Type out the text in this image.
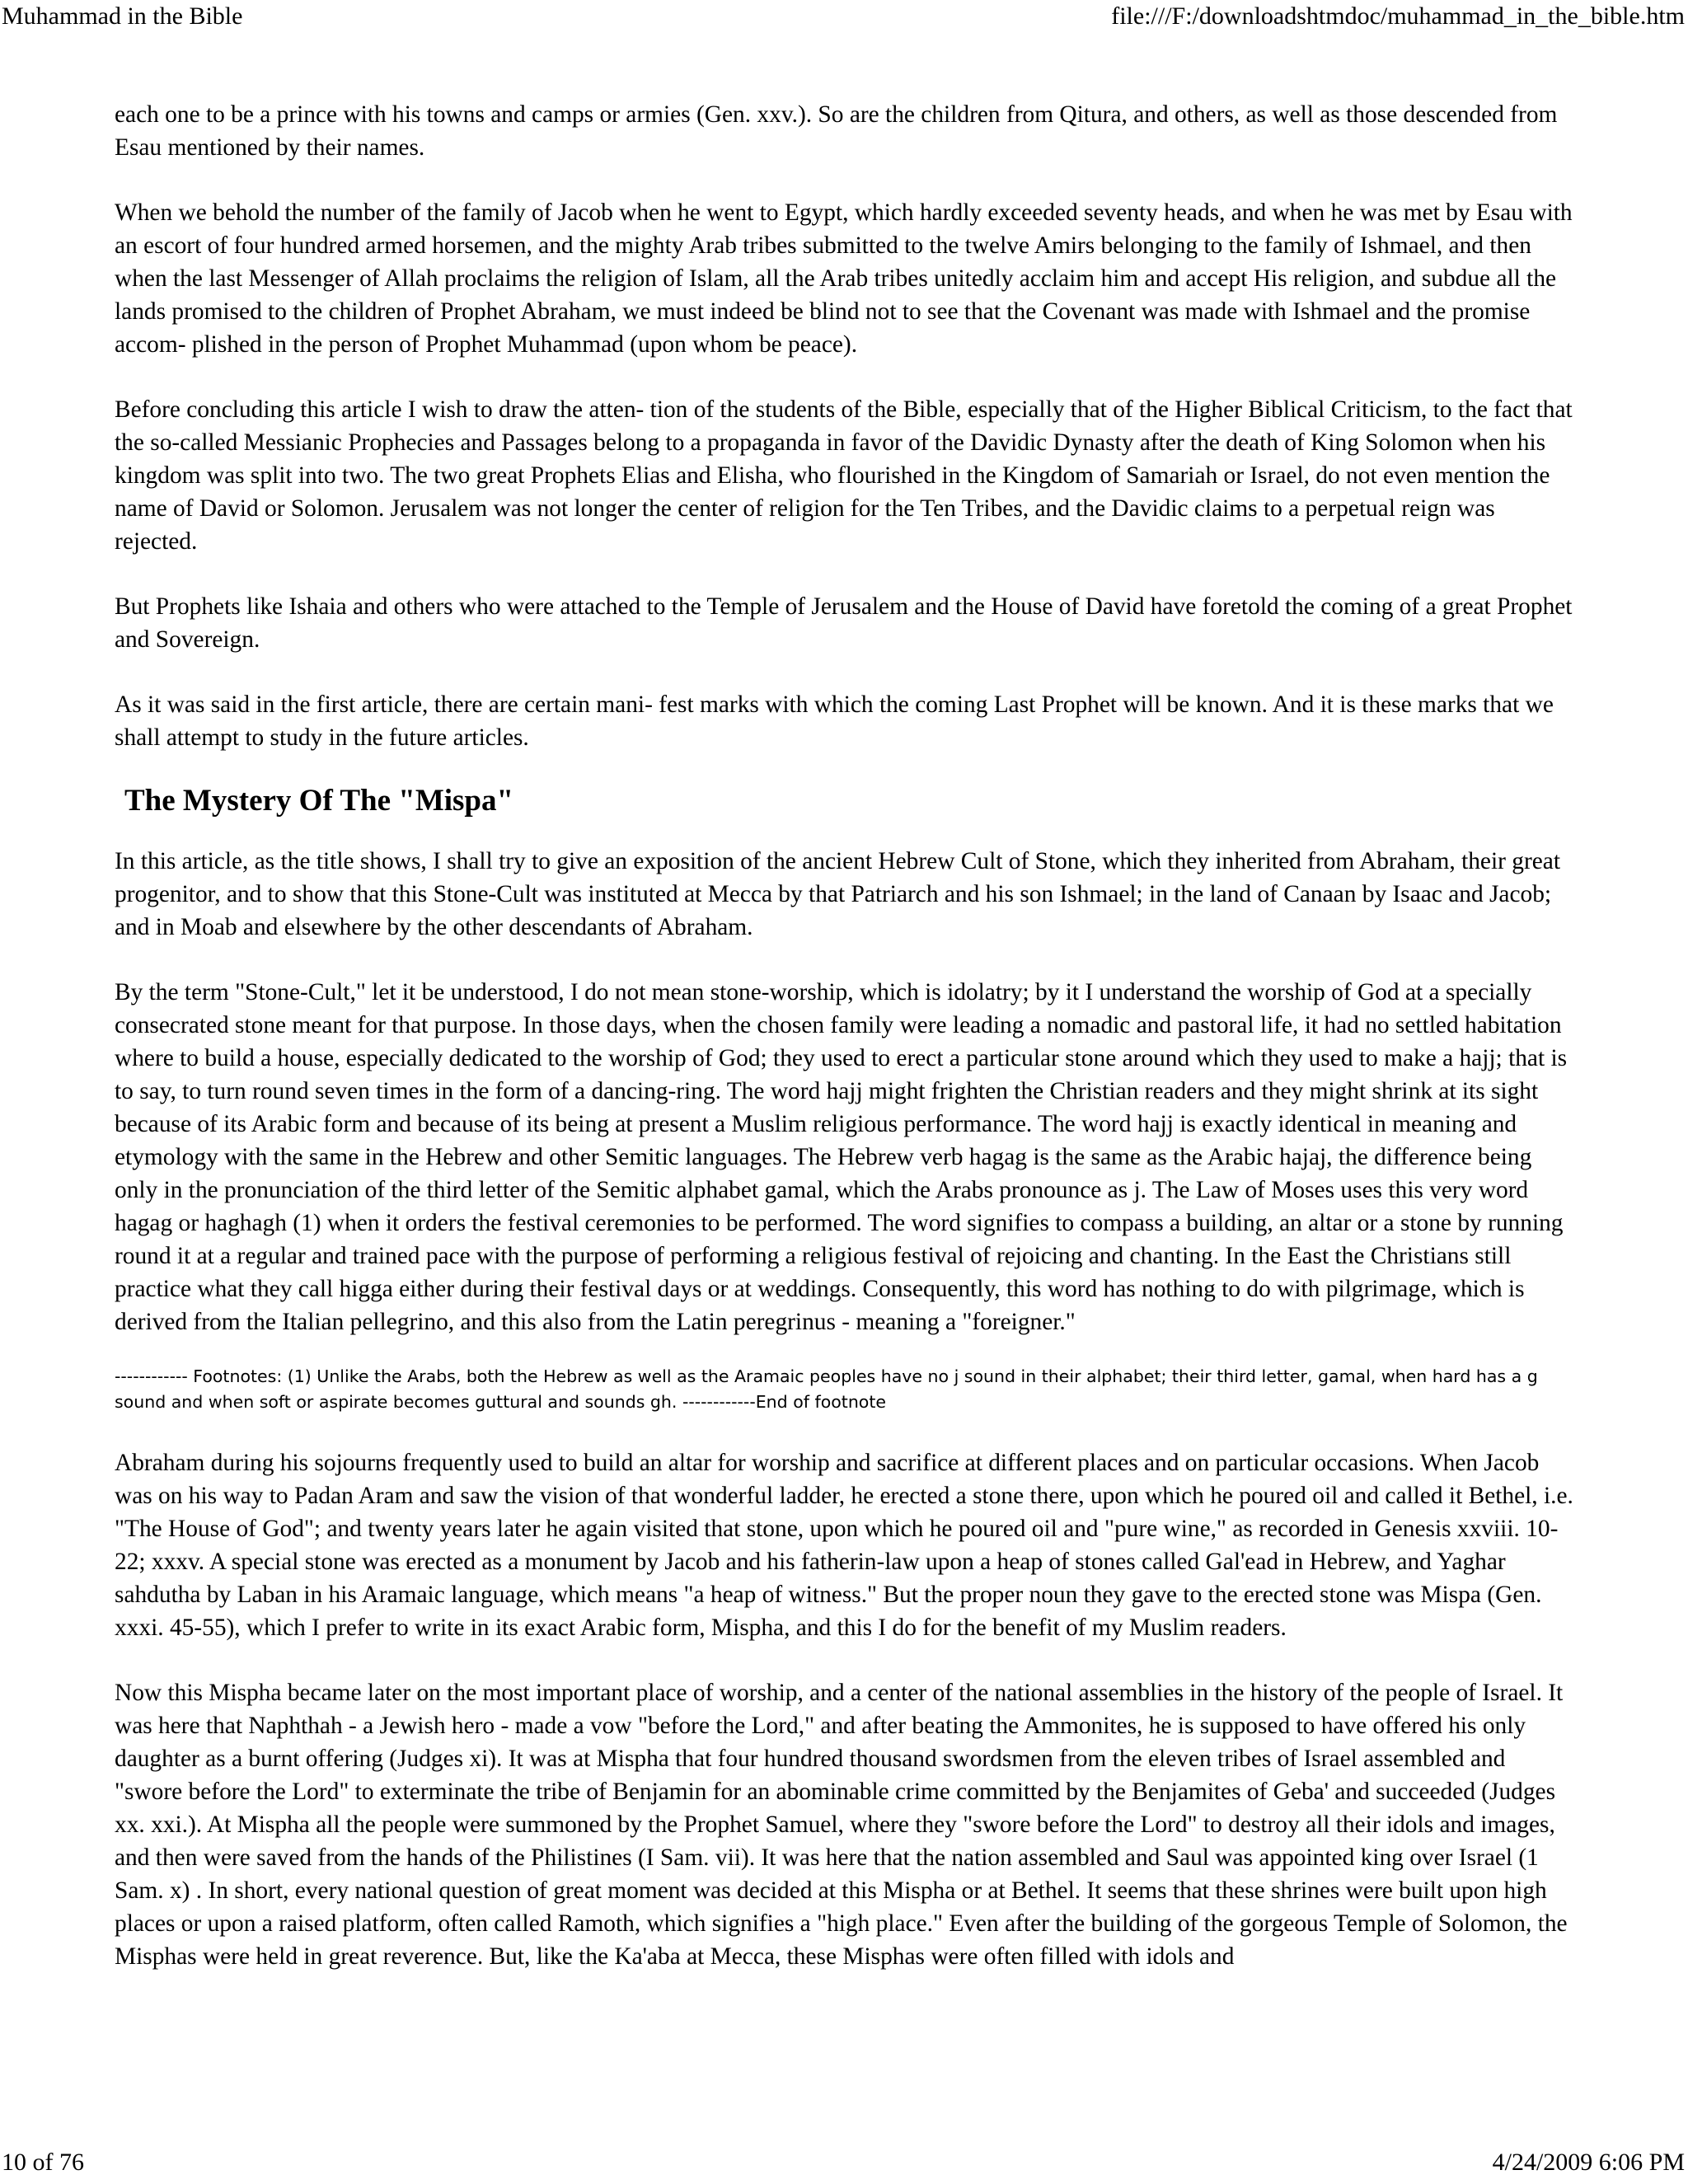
Muhammad in the Bible	file:///F:/downloadshtmdoc/muhammad_in_the_bible.htm

each one to be a prince with his towns and camps or armies (Gen. xxv.). So are the children from Qitura, and others, as well as those descended from Esau mentioned by their names.

When we behold the number of the family of Jacob when he went to Egypt, which hardly exceeded seventy heads, and when he was met by Esau with an escort of four hundred armed horsemen, and the mighty Arab tribes submitted to the twelve Amirs belonging to the family of Ishmael, and then when the last Messenger of Allah proclaims the religion of Islam, all the Arab tribes unitedly acclaim him and accept His religion, and subdue all the lands promised to the children of Prophet Abraham, we must indeed be blind not to see that the Covenant was made with Ishmael and the promise accom- plished in the person of Prophet Muhammad (upon whom be peace).

Before concluding this article I wish to draw the atten- tion of the students of the Bible, especially that of the Higher Biblical Criticism, to the fact that the so-called Messianic Prophecies and Passages belong to a propaganda in favor of the Davidic Dynasty after the death of King Solomon when his kingdom was split into two. The two great Prophets Elias and Elisha, who flourished in the Kingdom of Samariah or Israel, do not even mention the name of David or Solomon. Jerusalem was not longer the center of religion for the Ten Tribes, and the Davidic claims to a perpetual reign was rejected.

But Prophets like Ishaia and others who were attached to the Temple of Jerusalem and the House of David have foretold the coming of a great Prophet and Sovereign.

As it was said in the first article, there are certain mani- fest marks with which the coming Last Prophet will be known. And it is these marks that we shall attempt to study in the future articles.

The Mystery Of The "Mispa"

In this article, as the title shows, I shall try to give an exposition of the ancient Hebrew Cult of Stone, which they inherited from Abraham, their great progenitor, and to show that this Stone-Cult was instituted at Mecca by that Patriarch and his son Ishmael; in the land of Canaan by Isaac and Jacob; and in Moab and elsewhere by the other descendants of Abraham.

By the term "Stone-Cult," let it be understood, I do not mean stone-worship, which is idolatry; by it I understand the worship of God at a specially consecrated stone meant for that purpose. In those days, when the chosen family were leading a nomadic and pastoral life, it had no settled habitation where to build a house, especially dedicated to the worship of God; they used to erect a particular stone around which they used to make a hajj; that is to say, to turn round seven times in the form of a dancing-ring. The word hajj might frighten the Christian readers and they might shrink at its sight because of its Arabic form and because of its being at present a Muslim religious performance. The word hajj is exactly identical in meaning and etymology with the same in the Hebrew and other Semitic languages. The Hebrew verb hagag is the same as the Arabic hajaj, the difference being only in the pronunciation of the third letter of the Semitic alphabet gamal, which the Arabs pronounce as j. The Law of Moses uses this very word hagag or haghagh (1) when it orders the festival ceremonies to be performed. The word signifies to compass a building, an altar or a stone by running round it at a regular and trained pace with the purpose of performing a religious festival of rejoicing and chanting. In the East the Christians still practice what they call higga either during their festival days or at weddings. Consequently, this word has nothing to do with pilgrimage, which is derived from the Italian pellegrino, and this also from the Latin peregrinus - meaning a "foreigner."

------------ Footnotes: (1) Unlike the Arabs, both the Hebrew as well as the Aramaic peoples have no j sound in their alphabet; their third letter, gamal, when hard has a g sound and when soft or aspirate becomes guttural and sounds gh. ------------End of footnote

Abraham during his sojourns frequently used to build an altar for worship and sacrifice at different places and on particular occasions. When Jacob was on his way to Padan Aram and saw the vision of that wonderful ladder, he erected a stone there, upon which he poured oil and called it Bethel, i.e. "The House of God"; and twenty years later he again visited that stone, upon which he poured oil and "pure wine," as recorded in Genesis xxviii. 10-22; xxxv. A special stone was erected as a monument by Jacob and his fatherin-law upon a heap of stones called Gal'ead in Hebrew, and Yaghar sahdutha by Laban in his Aramaic language, which means "a heap of witness." But the proper noun they gave to the erected stone was Mispa (Gen. xxxi. 45-55), which I prefer to write in its exact Arabic form, Mispha, and this I do for the benefit of my Muslim readers.

Now this Mispha became later on the most important place of worship, and a center of the national assemblies in the history of the people of Israel. It was here that Naphthah - a Jewish hero - made a vow "before the Lord," and after beating the Ammonites, he is supposed to have offered his only daughter as a burnt offering (Judges xi). It was at Mispha that four hundred thousand swordsmen from the eleven tribes of Israel assembled and "swore before the Lord" to exterminate the tribe of Benjamin for an abominable crime committed by the Benjamites of Geba' and succeeded (Judges xx. xxi.). At Mispha all the people were summoned by the Prophet Samuel, where they "swore before the Lord" to destroy all their idols and images, and then were saved from the hands of the Philistines (I Sam. vii). It was here that the nation assembled and Saul was appointed king over Israel (1 Sam. x) . In short, every national question of great moment was decided at this Mispha or at Bethel. It seems that these shrines were built upon high places or upon a raised platform, often called Ramoth, which signifies a "high place." Even after the building of the gorgeous Temple of Solomon, the Misphas were held in great reverence. But, like the Ka'aba at Mecca, these Misphas were often filled with idols and

10 of 76	4/24/2009 6:06 PM
